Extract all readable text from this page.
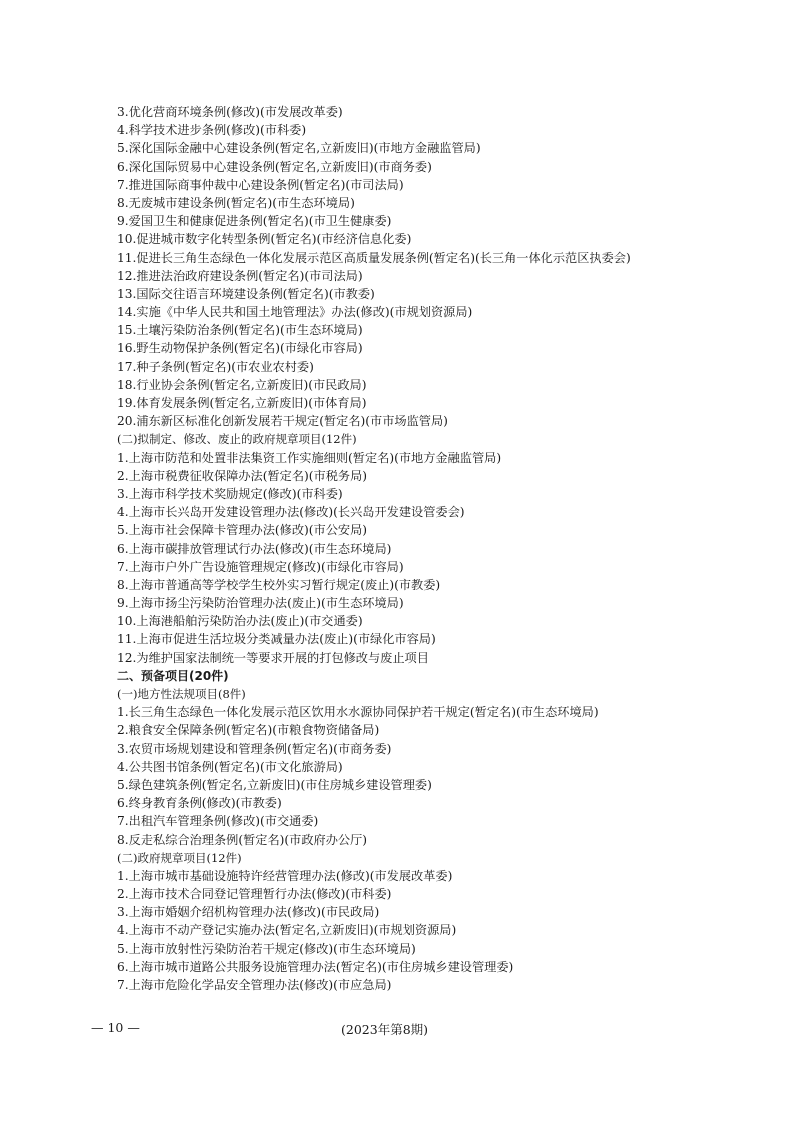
3.优化营商环境条例(修改)(市发展改革委)
4.科学技术进步条例(修改)(市科委)
5.深化国际金融中心建设条例(暂定名,立新废旧)(市地方金融监管局)
6.深化国际贸易中心建设条例(暂定名,立新废旧)(市商务委)
7.推进国际商事仲裁中心建设条例(暂定名)(市司法局)
8.无废城市建设条例(暂定名)(市生态环境局)
9.爱国卫生和健康促进条例(暂定名)(市卫生健康委)
10.促进城市数字化转型条例(暂定名)(市经济信息化委)
11.促进长三角生态绿色一体化发展示范区高质量发展条例(暂定名)(长三角一体化示范区执委会)
12.推进法治政府建设条例(暂定名)(市司法局)
13.国际交往语言环境建设条例(暂定名)(市教委)
14.实施《中华人民共和国土地管理法》办法(修改)(市规划资源局)
15.土壤污染防治条例(暂定名)(市生态环境局)
16.野生动物保护条例(暂定名)(市绿化市容局)
17.种子条例(暂定名)(市农业农村委)
18.行业协会条例(暂定名,立新废旧)(市民政局)
19.体育发展条例(暂定名,立新废旧)(市体育局)
20.浦东新区标准化创新发展若干规定(暂定名)(市市场监管局)
(二)拟制定、修改、废止的政府规章项目(12件)
1.上海市防范和处置非法集资工作实施细则(暂定名)(市地方金融监管局)
2.上海市税费征收保障办法(暂定名)(市税务局)
3.上海市科学技术奖励规定(修改)(市科委)
4.上海市长兴岛开发建设管理办法(修改)(长兴岛开发建设管委会)
5.上海市社会保障卡管理办法(修改)(市公安局)
6.上海市碳排放管理试行办法(修改)(市生态环境局)
7.上海市户外广告设施管理规定(修改)(市绿化市容局)
8.上海市普通高等学校学生校外实习暂行规定(废止)(市教委)
9.上海市扬尘污染防治管理办法(废止)(市生态环境局)
10.上海港船舶污染防治办法(废止)(市交通委)
11.上海市促进生活垃圾分类减量办法(废止)(市绿化市容局)
12.为维护国家法制统一等要求开展的打包修改与废止项目
二、预备项目(20件)
(一)地方性法规项目(8件)
1.长三角生态绿色一体化发展示范区饮用水水源协同保护若干规定(暂定名)(市生态环境局)
2.粮食安全保障条例(暂定名)(市粮食物资储备局)
3.农贸市场规划建设和管理条例(暂定名)(市商务委)
4.公共图书馆条例(暂定名)(市文化旅游局)
5.绿色建筑条例(暂定名,立新废旧)(市住房城乡建设管理委)
6.终身教育条例(修改)(市教委)
7.出租汽车管理条例(修改)(市交通委)
8.反走私综合治理条例(暂定名)(市政府办公厅)
(二)政府规章项目(12件)
1.上海市城市基础设施特许经营管理办法(修改)(市发展改革委)
2.上海市技术合同登记管理暂行办法(修改)(市科委)
3.上海市婚姻介绍机构管理办法(修改)(市民政局)
4.上海市不动产登记实施办法(暂定名,立新废旧)(市规划资源局)
5.上海市放射性污染防治若干规定(修改)(市生态环境局)
6.上海市城市道路公共服务设施管理办法(暂定名)(市住房城乡建设管理委)
7.上海市危险化学品安全管理办法(修改)(市应急局)
— 10 —	(2023年第8期)
